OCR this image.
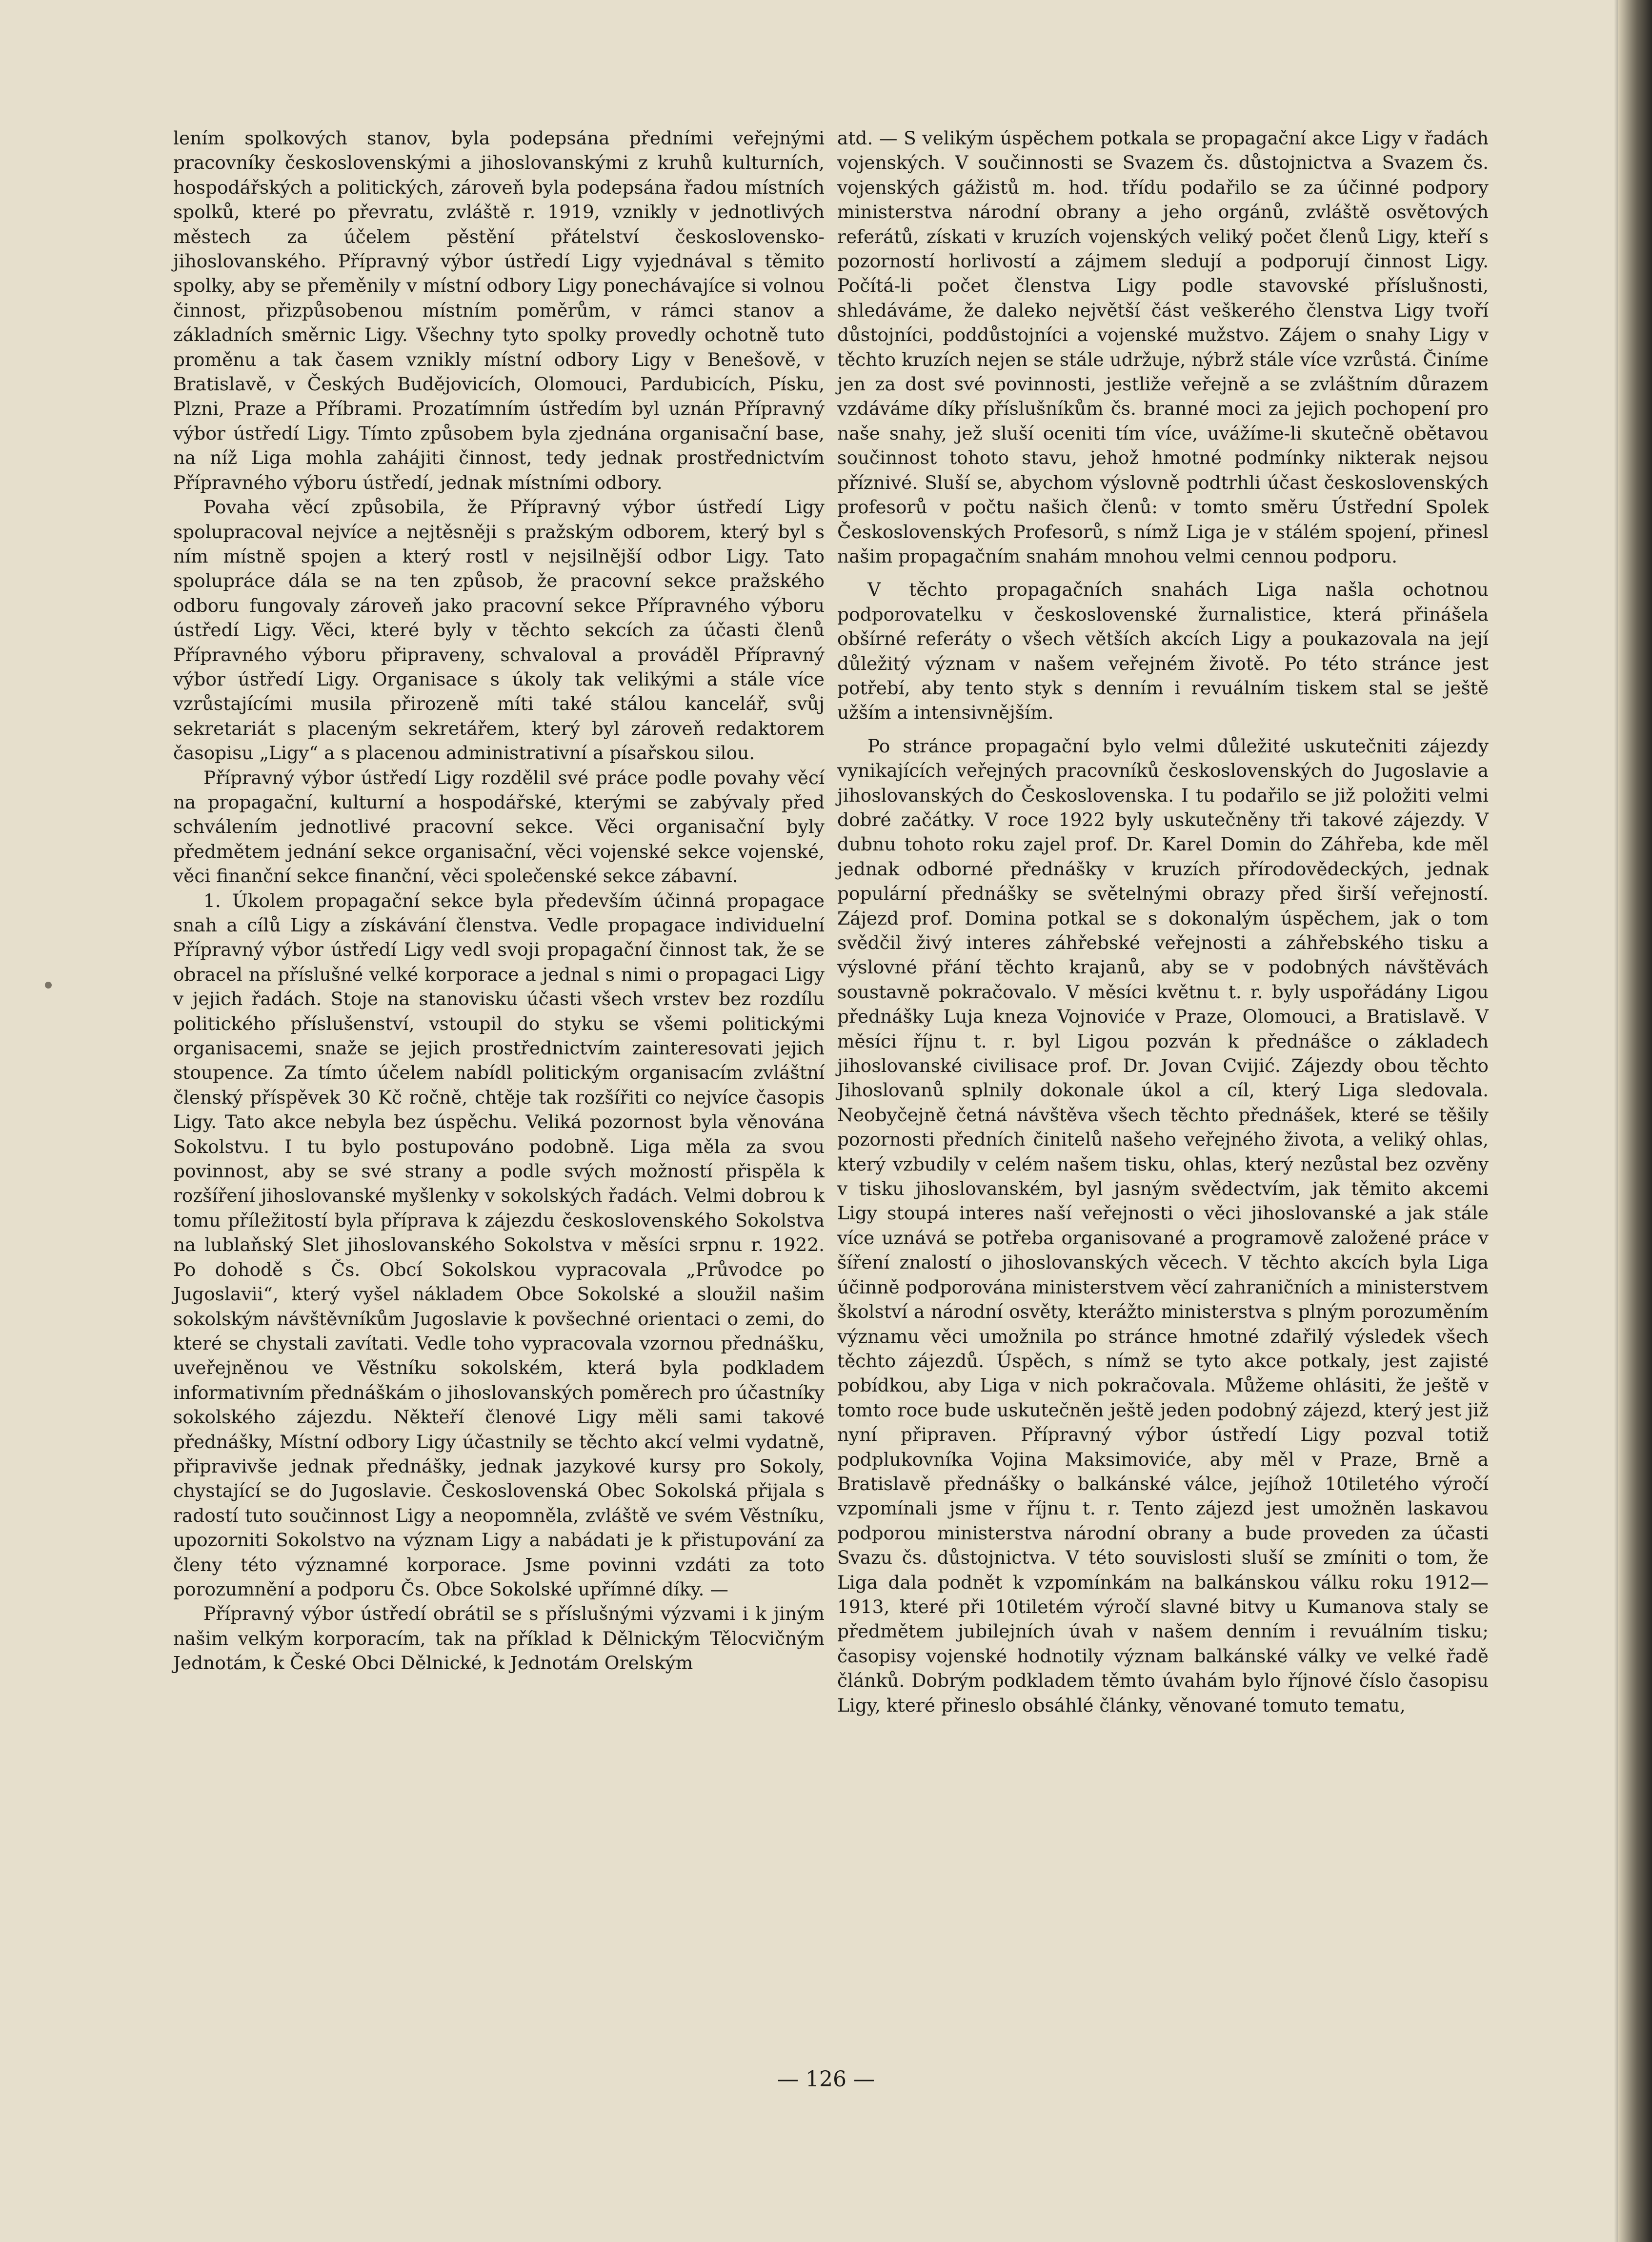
lením spolkových stanov, byla podepsána předními veřejnými pracovníky československými a jihoslovanskými z kruhů kulturních, hospodářských a politických, zároveň byla podepsána řadou místních spolků, které po převratu, zvláště r. 1919, vznikly v jednotlivých městech za účelem pěstění přátelství československo-jihoslovanského. Přípravný výbor ústředí Ligy vyjednával s těmito spolky, aby se přeměnily v místní odbory Ligy ponechávajíce si volnou činnost, přizpůsobenou místním poměrům, v rámci stanov a základních směrnic Ligy. Všechny tyto spolky provedly ochotně tuto proměnu a tak časem vznikly místní odbory Ligy v Benešově, v Bratislavě, v Českých Budějovicích, Olomouci, Pardubicích, Písku, Plzni, Praze a Příbrami. Prozatímním ústředím byl uznán Přípravný výbor ústředí Ligy. Tímto způsobem byla zjednána organisační base, na níž Liga mohla zahájiti činnost, tedy jednak prostřednictvím Přípravného výboru ústředí, jednak místními odbory.

Povaha věcí způsobila, že Přípravný výbor ústředí Ligy spolupracoval nejvíce a nejtěsněji s pražským odborem, který byl s ním místně spojen a který rostl v nejsilnější odbor Ligy. Tato spolupráce dála se na ten způsob, že pracovní sekce pražského odboru fungovaly zároveň jako pracovní sekce Přípravného výboru ústředí Ligy. Věci, které byly v těchto sekcích za účasti členů Přípravného výboru připraveny, schvaloval a prováděl Přípravný výbor ústředí Ligy. Organisace s úkoly tak velikými a stále více vzrůstajícími musila přirozeně míti také stálou kancelář, svůj sekretariát s placeným sekretářem, který byl zároveň redaktorem časopisu „Ligy“ a s placenou administrativní a písařskou silou.

Přípravný výbor ústředí Ligy rozdělil své práce podle povahy věcí na propagační, kulturní a hospodářské, kterými se zabývaly před schválením jednotlivé pracovní sekce. Věci organisační byly předmětem jednání sekce organisační, věci vojenské sekce vojenské, věci finanční sekce finanční, věci společenské sekce zábavní.

1. Úkolem propagační sekce byla především účinná propagace snah a cílů Ligy a získávání členstva. Vedle propagace individuelní Přípravný výbor ústředí Ligy vedl svoji propagační činnost tak, že se obracel na příslušné velké korporace a jednal s nimi o propagaci Ligy v jejich řadách. Stoje na stanovisku účasti všech vrstev bez rozdílu politického příslušenství, vstoupil do styku se všemi politickými organisacemi, snaže se jejich prostřednictvím zainteresovati jejich stoupence. Za tímto účelem nabídl politickým organisacím zvláštní členský příspěvek 30 Kč ročně, chtěje tak rozšířiti co nejvíce časopis Ligy. Tato akce nebyla bez úspěchu. Veliká pozornost byla věnována Sokolstvu. I tu bylo postupováno podobně. Liga měla za svou povinnost, aby se své strany a podle svých možností přispěla k rozšíření jihoslovanské myšlenky v sokolských řadách. Velmi dobrou k tomu příležitostí byla příprava k zájezdu československého Sokolstva na lublaňský Slet jihoslovanského Sokolstva v měsíci srpnu r. 1922. Po dohodě s Čs. Obcí Sokolskou vypracovala „Průvodce po Jugoslavii“, který vyšel nákladem Obce Sokolské a sloužil našim sokolským návštěvníkům Jugoslavie k povšechné orientaci o zemi, do které se chystali zavítati. Vedle toho vypracovala vzornou přednášku, uveřejněnou ve Věstníku sokolském, která byla podkladem informativním přednáškám o jihoslovanských poměrech pro účastníky sokolského zájezdu. Někteří členové Ligy měli sami takové přednášky, Místní odbory Ligy účastnily se těchto akcí velmi vydatně, připravivše jednak přednášky, jednak jazykové kursy pro Sokoly, chystající se do Jugoslavie. Československá Obec Sokolská přijala s radostí tuto součinnost Ligy a neopomněla, zvláště ve svém Věstníku, upozorniti Sokolstvo na význam Ligy a nabádati je k přistupování za členy této významné korporace. Jsme povinni vzdáti za toto porozumnění a podporu Čs. Obce Sokolské upřímné díky. —

Přípravný výbor ústředí obrátil se s příslušnými výzvami i k jiným našim velkým korporacím, tak na příklad k Dělnickým Tělocvičným Jednotám, k České Obci Dělnické, k Jednotám Orelským

atd. — S velikým úspěchem potkala se propagační akce Ligy v řadách vojenských. V součinnosti se Svazem čs. důstojnictva a Svazem čs. vojenských gážistů m. hod. třídu podařilo se za účinné podpory ministerstva národní obrany a jeho orgánů, zvláště osvětových referátů, získati v kruzích vojenských veliký počet členů Ligy, kteří s pozorností horlivostí a zájmem sledují a podporují činnost Ligy. Počítá-li počet členstva Ligy podle stavovské příslušnosti, shledáváme, že daleko největší část veškerého členstva Ligy tvoří důstojníci, poddůstojníci a vojenské mužstvo. Zájem o snahy Ligy v těchto kruzích nejen se stále udržuje, nýbrž stále více vzrůstá. Činíme jen za dost své povinnosti, jestliže veřejně a se zvláštním důrazem vzdáváme díky příslušníkům čs. branné moci za jejich pochopení pro naše snahy, jež sluší oceniti tím více, uvážíme-li skutečně obětavou součinnost tohoto stavu, jehož hmotné podmínky nikterak nejsou příznivé. Sluší se, abychom výslovně podtrhli účast československých profesorů v počtu našich členů: v tomto směru Ústřední Spolek Československých Profesorů, s nímž Liga je v stálém spojení, přinesl našim propagačním snahám mnohou velmi cennou podporu.

V těchto propagačních snahách Liga našla ochotnou podporovatelku v československé žurnalistice, která přinášela obšírné referáty o všech větších akcích Ligy a poukazovala na její důležitý význam v našem veřejném životě. Po této stránce jest potřebí, aby tento styk s denním i revuálním tiskem stal se ještě užším a intensivnějším.

Po stránce propagační bylo velmi důležité uskutečniti zájezdy vynikajících veřejných pracovníků československých do Jugoslavie a jihoslovanských do Československa. I tu podařilo se již položiti velmi dobré začátky. V roce 1922 byly uskutečněny tři takové zájezdy. V dubnu tohoto roku zajel prof. Dr. Karel Domin do Záhřeba, kde měl jednak odborné přednášky v kruzích přírodovědeckých, jednak populární přednášky se světelnými obrazy před širší veřejností. Zájezd prof. Domina potkal se s dokonalým úspěchem, jak o tom svědčil živý interes záhřebské veřejnosti a záhřebského tisku a výslovné přání těchto krajanů, aby se v podobných návštěvách soustavně pokračovalo. V měsíci květnu t. r. byly uspořádány Ligou přednášky Luja kneza Vojnoviće v Praze, Olomouci, a Bratislavě. V měsíci říjnu t. r. byl Ligou pozván k přednášce o základech jihoslovanské civilisace prof. Dr. Jovan Cvijić. Zájezdy obou těchto Jihoslovanů splnily dokonale úkol a cíl, který Liga sledovala. Neobyčejně četná návštěva všech těchto přednášek, které se těšily pozornosti předních činitelů našeho veřejného života, a veliký ohlas, který vzbudily v celém našem tisku, ohlas, který nezůstal bez ozvěny v tisku jihoslovanském, byl jasným svědectvím, jak těmito akcemi Ligy stoupá interes naší veřejnosti o věci jihoslovanské a jak stále více uznává se potřeba organisované a programově založené práce v šíření znalostí o jihoslovanských věcech. V těchto akcích byla Liga účinně podporována ministerstvem věcí zahraničních a ministerstvem školství a národní osvěty, kterážto ministerstva s plným porozuměním významu věci umožnila po stránce hmotné zdařilý výsledek všech těchto zájezdů. Úspěch, s nímž se tyto akce potkaly, jest zajisté pobídkou, aby Liga v nich pokračovala. Můžeme ohlásiti, že ještě v tomto roce bude uskutečněn ještě jeden podobný zájezd, který jest již nyní připraven. Přípravný výbor ústředí Ligy pozval totiž podplukovníka Vojina Maksimoviće, aby měl v Praze, Brně a Bratislavě přednášky o balkánské válce, jejíhož 10tiletého výročí vzpomínali jsme v říjnu t. r. Tento zájezd jest umožněn laskavou podporou ministerstva národní obrany a bude proveden za účasti Svazu čs. důstojnictva. V této souvislosti sluší se zmíniti o tom, že Liga dala podnět k vzpomínkám na balkánskou válku roku 1912—1913, které při 10tiletém výročí slavné bitvy u Kumanova staly se předmětem jubilejních úvah v našem denním i revuálním tisku; časopisy vojenské hodnotily význam balkánské války ve velké řadě článků. Dobrým podkladem těmto úvahám bylo říjnové číslo časopisu Ligy, které přineslo obsáhlé články, věnované tomuto tematu,

— 126 —
